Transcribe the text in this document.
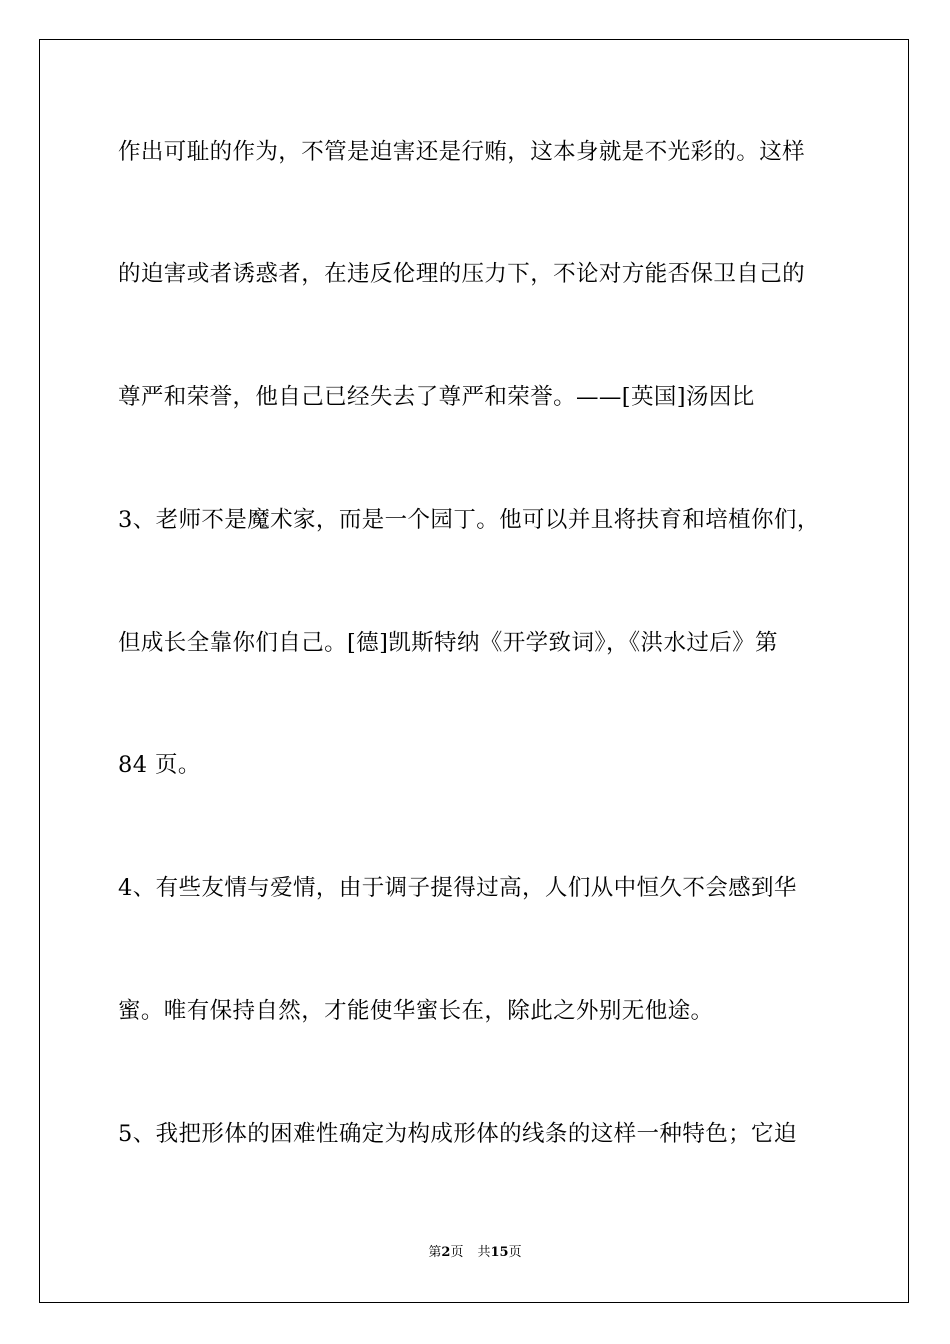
作出可耻的作为，不管是迫害还是行贿，这本身就是不光彩的。这样
的迫害或者诱惑者，在违反伦理的压力下，不论对方能否保卫自己的
尊严和荣誉，他自己已经失去了尊严和荣誉。——[英国]汤因比
3、老师不是魔术家，而是一个园丁。他可以并且将扶育和培植你们，
但成长全靠你们自己。[德]凯斯特纳《开学致词》，《洪水过后》第
84 页。
4、有些友情与爱情，由于调子提得过高，人们从中恒久不会感到华
蜜。唯有保持自然，才能使华蜜长在，除此之外别无他途。
5、我把形体的困难性确定为构成形体的线条的这样一种特色；它迫
第2页 共15页
